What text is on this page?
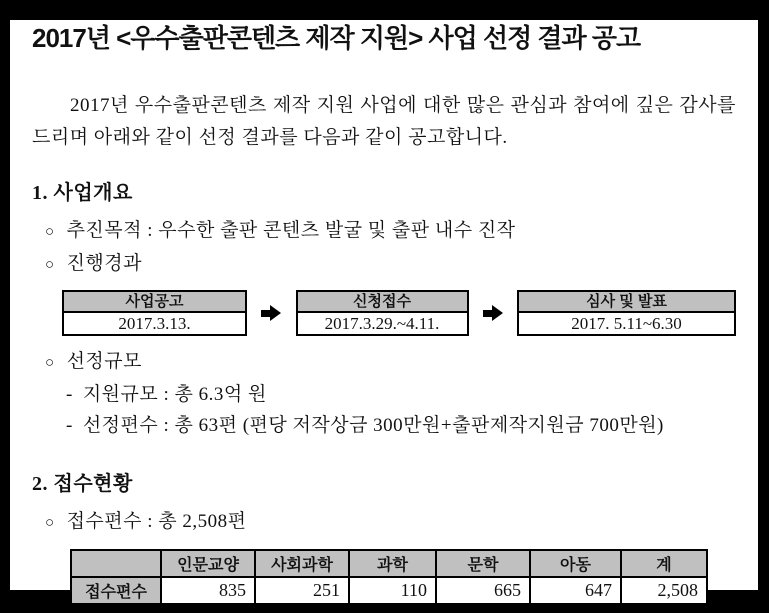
2017년 <우수출판콘텐츠 제작 지원> 사업 선정 결과 공고

2017년 우수출판콘텐츠 제작 지원 사업에 대한 많은 관심과 참여에 깊은 감사를 드리며 아래와 같이 선정 결과를 다음과 같이 공고합니다.

1. 사업개요
○ 추진목적 : 우수한 출판 콘텐츠 발굴 및 출판 내수 진작
○ 진행경과
사업공고
2017.3.13.
신청접수
2017.3.29.~4.11.
심사 및 발표
2017. 5.11~6.30
○ 선정규모
- 지원규모 : 총 6.3억 원
- 선정편수 : 총 63편 (편당 저작상금 300만원+출판제작지원금 700만원)
2. 접수현황
○ 접수편수 : 총 2,508편
	인문교양	사회과학	과학	문학	아동	계
접수편수	835	251	110	665	647	2,508
